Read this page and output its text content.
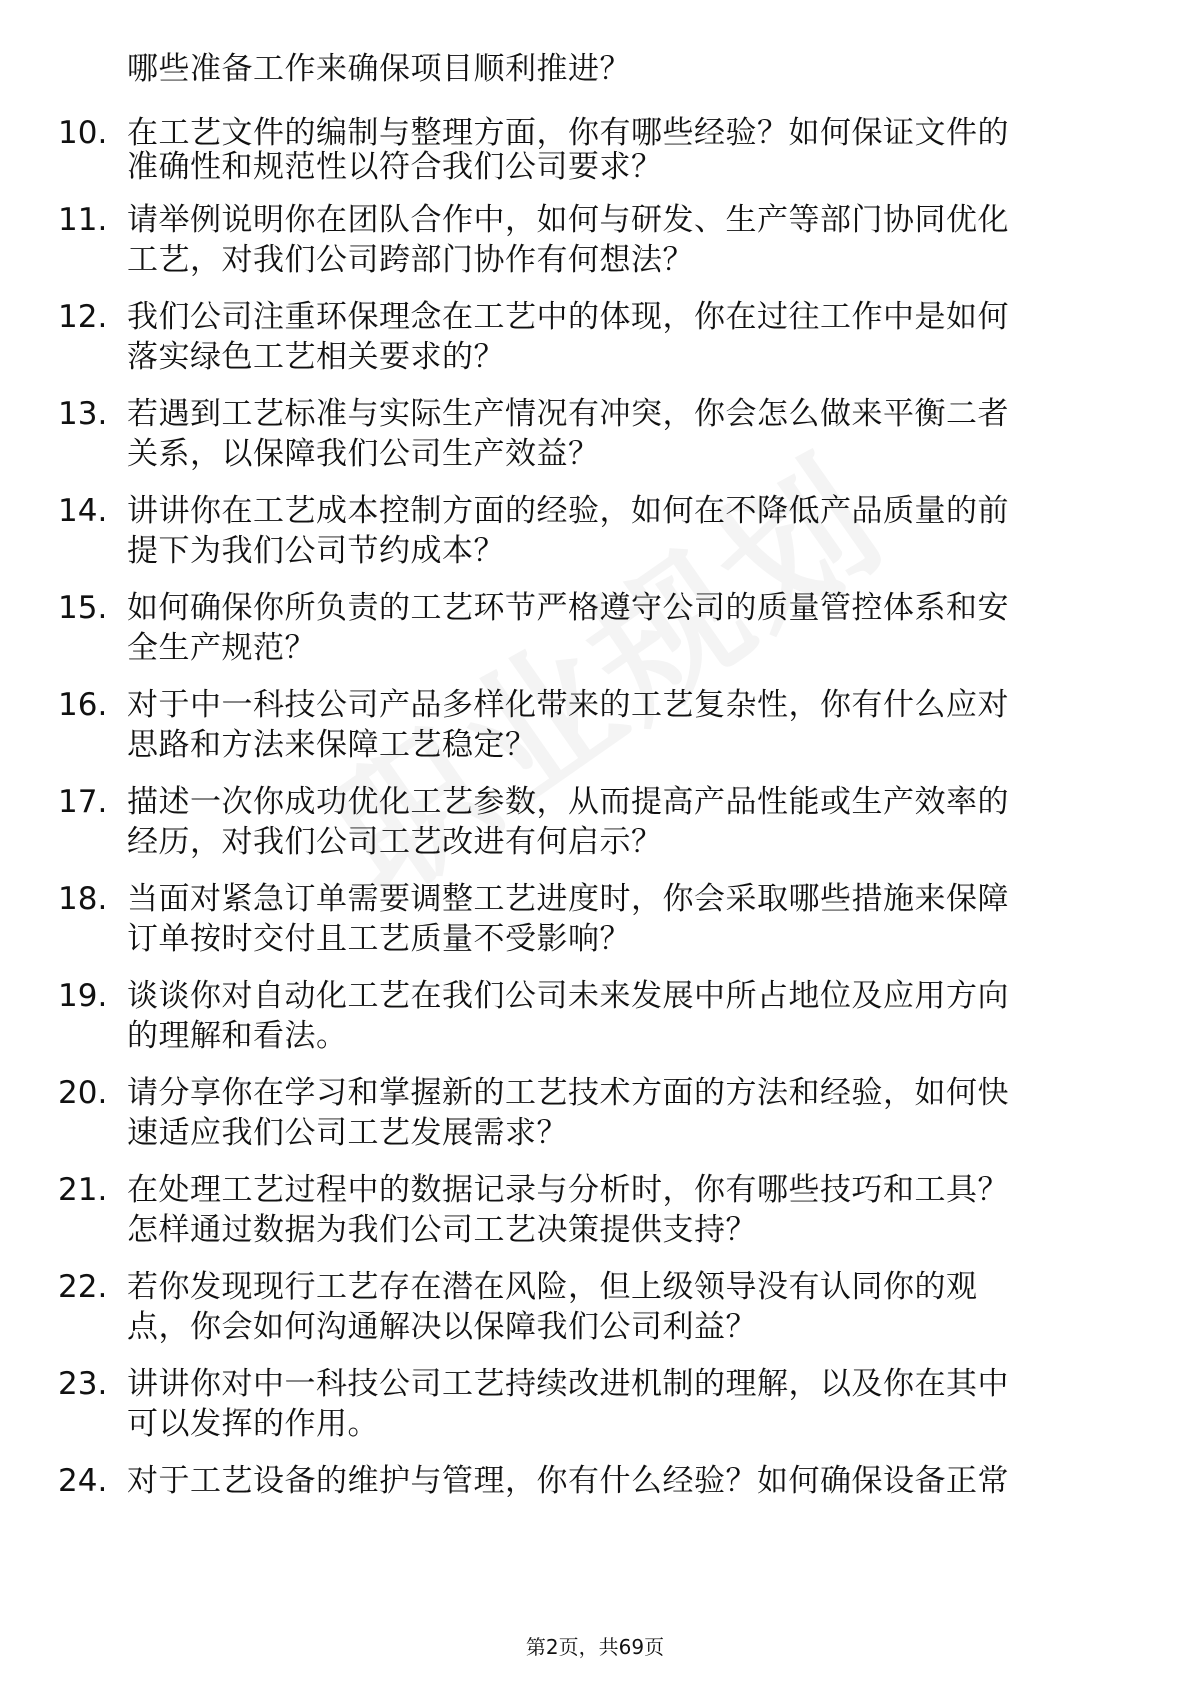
哪些准备工作来确保项目顺利推进？
10. 在工艺文件的编制与整理方面，你有哪些经验？如何保证文件的
准确性和规范性以符合我们公司要求？
11. 请举例说明你在团队合作中，如何与研发、生产等部门协同优化
工艺，对我们公司跨部门协作有何想法？
12. 我们公司注重环保理念在工艺中的体现，你在过往工作中是如何
落实绿色工艺相关要求的？
13. 若遇到工艺标准与实际生产情况有冲突，你会怎么做来平衡二者
关系，以保障我们公司生产效益？
14. 讲讲你在工艺成本控制方面的经验，如何在不降低产品质量的前
提下为我们公司节约成本？
15. 如何确保你所负责的工艺环节严格遵守公司的质量管控体系和安
全生产规范？
16. 对于中一科技公司产品多样化带来的工艺复杂性，你有什么应对
思路和方法来保障工艺稳定？
17. 描述一次你成功优化工艺参数，从而提高产品性能或生产效率的
经历，对我们公司工艺改进有何启示？
18. 当面对紧急订单需要调整工艺进度时，你会采取哪些措施来保障
订单按时交付且工艺质量不受影响？
19. 谈谈你对自动化工艺在我们公司未来发展中所占地位及应用方向
的理解和看法。
20. 请分享你在学习和掌握新的工艺技术方面的方法和经验，如何快
速适应我们公司工艺发展需求？
21. 在处理工艺过程中的数据记录与分析时，你有哪些技巧和工具？
怎样通过数据为我们公司工艺决策提供支持？
22. 若你发现现行工艺存在潜在风险，但上级领导没有认同你的观
点，你会如何沟通解决以保障我们公司利益？
23. 讲讲你对中一科技公司工艺持续改进机制的理解，以及你在其中
可以发挥的作用。
24. 对于工艺设备的维护与管理，你有什么经验？如何确保设备正常
第2页，共69页
